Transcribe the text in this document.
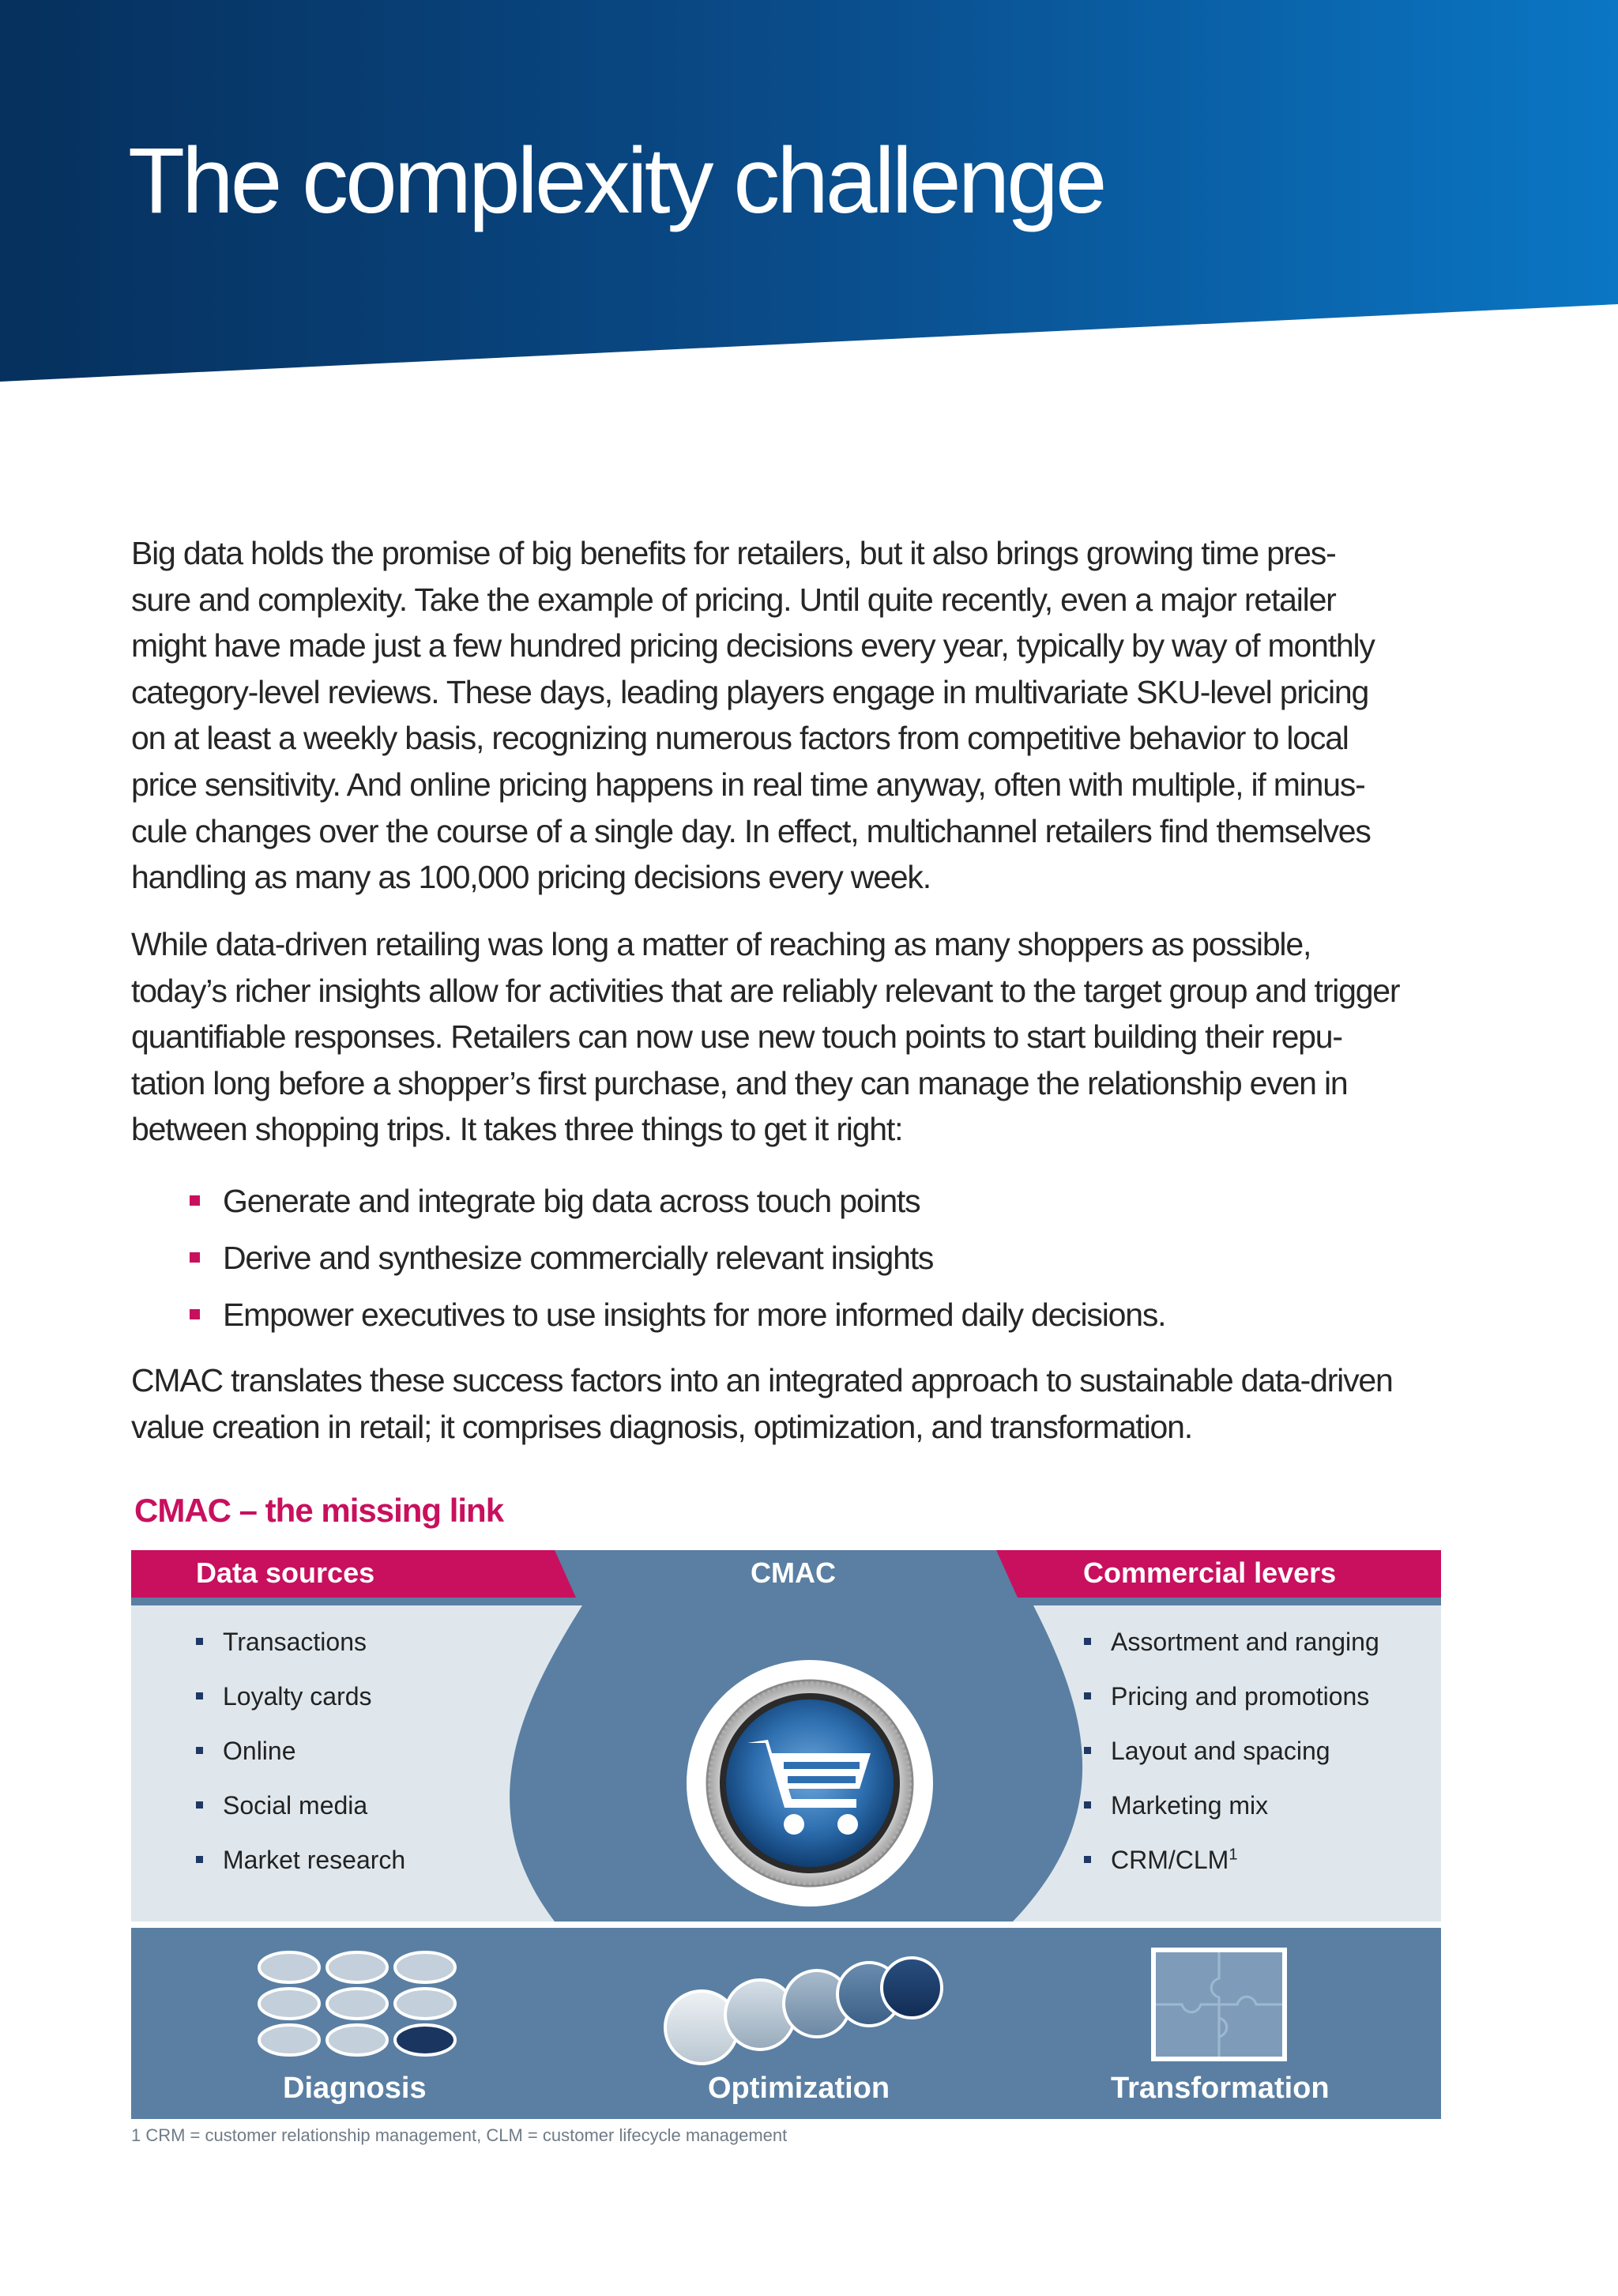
The complexity challenge

Big data holds the promise of big benefits for retailers, but it also brings growing time pres-
sure and complexity. Take the example of pricing. Until quite recently, even a major retailer
might have made just a few hundred pricing decisions every year, typically by way of monthly
category-level reviews. These days, leading players engage in multivariate SKU-level pricing
on at least a weekly basis, recognizing numerous factors from competitive behavior to local
price sensitivity. And online pricing happens in real time anyway, often with multiple, if minus-
cule changes over the course of a single day. In effect, multichannel retailers find themselves
handling as many as 100,000 pricing decisions every week.

While data-driven retailing was long a matter of reaching as many shoppers as possible,
today’s richer insights allow for activities that are reliably relevant to the target group and trigger
quantifiable responses. Retailers can now use new touch points to start building their repu-
tation long before a shopper’s first purchase, and they can manage the relationship even in
between shopping trips. It takes three things to get it right:

Generate and integrate big data across touch points
Derive and synthesize commercially relevant insights
Empower executives to use insights for more informed daily decisions.

CMAC translates these success factors into an integrated approach to sustainable data-driven
value creation in retail; it comprises diagnosis, optimization, and transformation.

CMAC – the missing link
Data sources	CMAC	Commercial levers
Transactions
Loyalty cards
Online
Social media
Market research
Assortment and ranging
Pricing and promotions
Layout and spacing
Marketing mix
CRM/CLM$^1$
Diagnosis	Optimization	Transformation
1 CRM = customer relationship management, CLM = customer lifecycle management
